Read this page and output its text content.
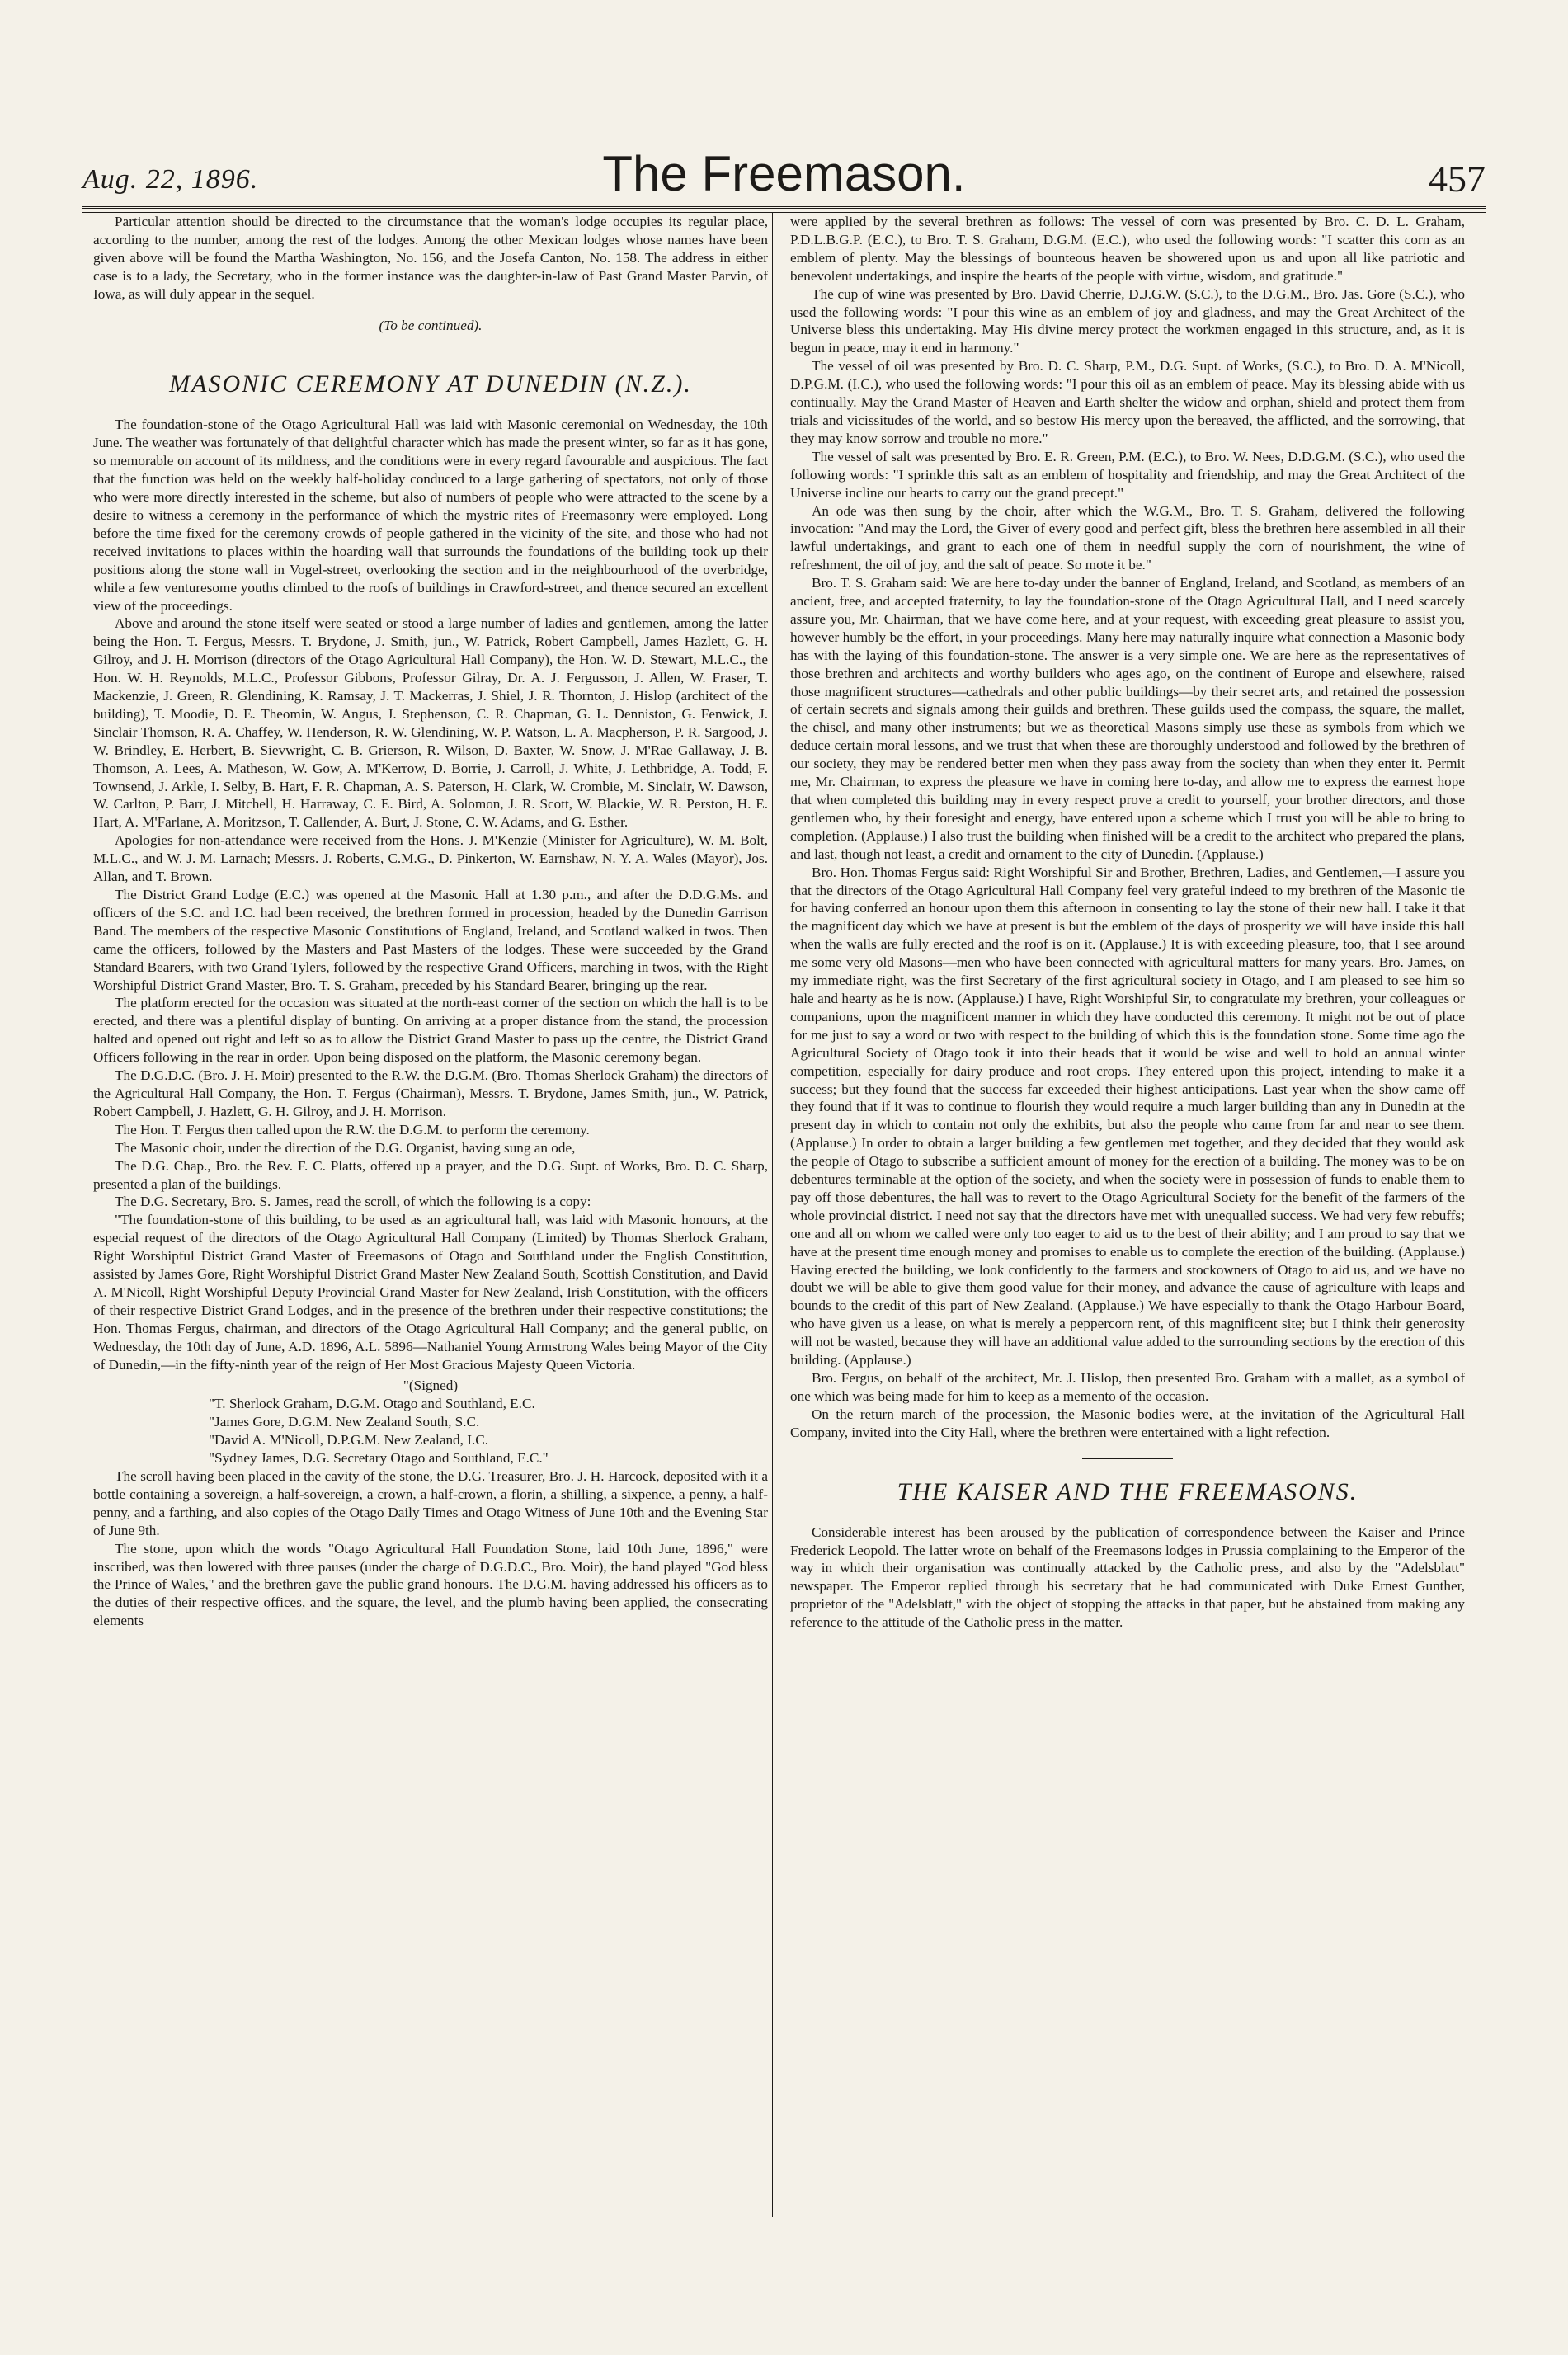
Aug. 22, 1896.	The Freemason.	457

Particular attention should be directed to the circumstance that the woman's lodge occupies its regular place, according to the number, among the rest of the lodges. Among the other Mexican lodges whose names have been given above will be found the Martha Washington, No. 156, and the Josefa Canton, No. 158. The address in either case is to a lady, the Secretary, who in the former instance was the daughter-in-law of Past Grand Master Parvin, of Iowa, as will duly appear in the sequel.

(To be continued).

MASONIC CEREMONY AT DUNEDIN (N.Z.).

The foundation-stone of the Otago Agricultural Hall was laid with Masonic ceremonial on Wednesday, the 10th June. The weather was fortunately of that delightful character which has made the present winter, so far as it has gone, so memorable on account of its mildness, and the conditions were in every regard favourable and auspicious. The fact that the function was held on the weekly half-holiday conduced to a large gathering of spectators, not only of those who were more directly interested in the scheme, but also of numbers of people who were attracted to the scene by a desire to witness a ceremony in the performance of which the mystric rites of Freemasonry were employed. Long before the time fixed for the ceremony crowds of people gathered in the vicinity of the site, and those who had not received invitations to places within the hoarding wall that surrounds the foundations of the building took up their positions along the stone wall in Vogel-street, overlooking the section and in the neighbourhood of the overbridge, while a few venturesome youths climbed to the roofs of buildings in Crawford-street, and thence secured an excellent view of the proceedings.

Above and around the stone itself were seated or stood a large number of ladies and gentlemen, among the latter being the Hon. T. Fergus, Messrs. T. Brydone, J. Smith, jun., W. Patrick, Robert Campbell, James Hazlett, G. H. Gilroy, and J. H. Morrison (directors of the Otago Agricultural Hall Company), the Hon. W. D. Stewart, M.L.C., the Hon. W. H. Reynolds, M.L.C., Professor Gibbons, Professor Gilray, Dr. A. J. Fergusson, J. Allen, W. Fraser, T. Mackenzie, J. Green, R. Glendining, K. Ramsay, J. T. Mackerras, J. Shiel, J. R. Thornton, J. Hislop (architect of the building), T. Moodie, D. E. Theomin, W. Angus, J. Stephenson, C. R. Chapman, G. L. Denniston, G. Fenwick, J. Sinclair Thomson, R. A. Chaffey, W. Henderson, R. W. Glendining, W. P. Watson, L. A. Macpherson, P. R. Sargood, J. W. Brindley, E. Herbert, B. Sievwright, C. B. Grierson, R. Wilson, D. Baxter, W. Snow, J. M'Rae Gallaway, J. B. Thomson, A. Lees, A. Matheson, W. Gow, A. M'Kerrow, D. Borrie, J. Carroll, J. White, J. Lethbridge, A. Todd, F. Townsend, J. Arkle, I. Selby, B. Hart, F. R. Chapman, A. S. Paterson, H. Clark, W. Crombie, M. Sinclair, W. Dawson, W. Carlton, P. Barr, J. Mitchell, H. Harraway, C. E. Bird, A. Solomon, J. R. Scott, W. Blackie, W. R. Perston, H. E. Hart, A. M'Farlane, A. Moritzson, T. Callender, A. Burt, J. Stone, C. W. Adams, and G. Esther.

Apologies for non-attendance were received from the Hons. J. M'Kenzie (Minister for Agriculture), W. M. Bolt, M.L.C., and W. J. M. Larnach; Messrs. J. Roberts, C.M.G., D. Pinkerton, W. Earnshaw, N. Y. A. Wales (Mayor), Jos. Allan, and T. Brown.

The District Grand Lodge (E.C.) was opened at the Masonic Hall at 1.30 p.m., and after the D.D.G.Ms. and officers of the S.C. and I.C. had been received, the brethren formed in procession, headed by the Dunedin Garrison Band. The members of the respective Masonic Constitutions of England, Ireland, and Scotland walked in twos. Then came the officers, followed by the Masters and Past Masters of the lodges. These were succeeded by the Grand Standard Bearers, with two Grand Tylers, followed by the respective Grand Officers, marching in twos, with the Right Worshipful District Grand Master, Bro. T. S. Graham, preceded by his Standard Bearer, bringing up the rear.

The platform erected for the occasion was situated at the north-east corner of the section on which the hall is to be erected, and there was a plentiful display of bunting. On arriving at a proper distance from the stand, the procession halted and opened out right and left so as to allow the District Grand Master to pass up the centre, the District Grand Officers following in the rear in order. Upon being disposed on the platform, the Masonic ceremony began.

The D.G.D.C. (Bro. J. H. Moir) presented to the R.W. the D.G.M. (Bro. Thomas Sherlock Graham) the directors of the Agricultural Hall Company, the Hon. T. Fergus (Chairman), Messrs. T. Brydone, James Smith, jun., W. Patrick, Robert Campbell, J. Hazlett, G. H. Gilroy, and J. H. Morrison.

The Hon. T. Fergus then called upon the R.W. the D.G.M. to perform the ceremony.

The Masonic choir, under the direction of the D.G. Organist, having sung an ode,

The D.G. Chap., Bro. the Rev. F. C. Platts, offered up a prayer, and the D.G. Supt. of Works, Bro. D. C. Sharp, presented a plan of the buildings.

The D.G. Secretary, Bro. S. James, read the scroll, of which the following is a copy:

"The foundation-stone of this building, to be used as an agricultural hall, was laid with Masonic honours, at the especial request of the directors of the Otago Agricultural Hall Company (Limited) by Thomas Sherlock Graham, Right Worshipful District Grand Master of Freemasons of Otago and Southland under the English Constitution, assisted by James Gore, Right Worshipful District Grand Master New Zealand South, Scottish Constitution, and David A. M'Nicoll, Right Worshipful Deputy Provincial Grand Master for New Zealand, Irish Constitution, with the officers of their respective District Grand Lodges, and in the presence of the brethren under their respective constitutions; the Hon. Thomas Fergus, chairman, and directors of the Otago Agricultural Hall Company; and the general public, on Wednesday, the 10th day of June, A.D. 1896, A.L. 5896—Nathaniel Young Armstrong Wales being Mayor of the City of Dunedin,—in the fifty-ninth year of the reign of Her Most Gracious Majesty Queen Victoria.

"(Signed)

"T. Sherlock Graham, D.G.M. Otago and Southland, E.C.

"James Gore, D.G.M. New Zealand South, S.C.

"David A. M'Nicoll, D.P.G.M. New Zealand, I.C.

"Sydney James, D.G. Secretary Otago and Southland, E.C."

The scroll having been placed in the cavity of the stone, the D.G. Treasurer, Bro. J. H. Harcock, deposited with it a bottle containing a sovereign, a half-sovereign, a crown, a half-crown, a florin, a shilling, a sixpence, a penny, a half-penny, and a farthing, and also copies of the Otago Daily Times and Otago Witness of June 10th and the Evening Star of June 9th.

The stone, upon which the words "Otago Agricultural Hall Foundation Stone, laid 10th June, 1896," were inscribed, was then lowered with three pauses (under the charge of D.G.D.C., Bro. Moir), the band played "God bless the Prince of Wales," and the brethren gave the public grand honours. The D.G.M. having addressed his officers as to the duties of their respective offices, and the square, the level, and the plumb having been applied, the consecrating elements

were applied by the several brethren as follows: The vessel of corn was presented by Bro. C. D. L. Graham, P.D.L.B.G.P. (E.C.), to Bro. T. S. Graham, D.G.M. (E.C.), who used the following words: "I scatter this corn as an emblem of plenty. May the blessings of bounteous heaven be showered upon us and upon all like patriotic and benevolent undertakings, and inspire the hearts of the people with virtue, wisdom, and gratitude."

The cup of wine was presented by Bro. David Cherrie, D.J.G.W. (S.C.), to the D.G.M., Bro. Jas. Gore (S.C.), who used the following words: "I pour this wine as an emblem of joy and gladness, and may the Great Architect of the Universe bless this undertaking. May His divine mercy protect the workmen engaged in this structure, and, as it is begun in peace, may it end in harmony."

The vessel of oil was presented by Bro. D. C. Sharp, P.M., D.G. Supt. of Works, (S.C.), to Bro. D. A. M'Nicoll, D.P.G.M. (I.C.), who used the following words: "I pour this oil as an emblem of peace. May its blessing abide with us continually. May the Grand Master of Heaven and Earth shelter the widow and orphan, shield and protect them from trials and vicissitudes of the world, and so bestow His mercy upon the bereaved, the afflicted, and the sorrowing, that they may know sorrow and trouble no more."

The vessel of salt was presented by Bro. E. R. Green, P.M. (E.C.), to Bro. W. Nees, D.D.G.M. (S.C.), who used the following words: "I sprinkle this salt as an emblem of hospitality and friendship, and may the Great Architect of the Universe incline our hearts to carry out the grand precept."

An ode was then sung by the choir, after which the W.G.M., Bro. T. S. Graham, delivered the following invocation: "And may the Lord, the Giver of every good and perfect gift, bless the brethren here assembled in all their lawful undertakings, and grant to each one of them in needful supply the corn of nourishment, the wine of refreshment, the oil of joy, and the salt of peace. So mote it be."

Bro. T. S. Graham said: We are here to-day under the banner of England, Ireland, and Scotland, as members of an ancient, free, and accepted fraternity, to lay the foundation-stone of the Otago Agricultural Hall, and I need scarcely assure you, Mr. Chairman, that we have come here, and at your request, with exceeding great pleasure to assist you, however humbly be the effort, in your proceedings. Many here may naturally inquire what connection a Masonic body has with the laying of this foundation-stone. The answer is a very simple one. We are here as the representatives of those brethren and architects and worthy builders who ages ago, on the continent of Europe and elsewhere, raised those magnificent structures—cathedrals and other public buildings—by their secret arts, and retained the possession of certain secrets and signals among their guilds and brethren. These guilds used the compass, the square, the mallet, the chisel, and many other instruments; but we as theoretical Masons simply use these as symbols from which we deduce certain moral lessons, and we trust that when these are thoroughly understood and followed by the brethren of our society, they may be rendered better men when they pass away from the society than when they enter it. Permit me, Mr. Chairman, to express the pleasure we have in coming here to-day, and allow me to express the earnest hope that when completed this building may in every respect prove a credit to yourself, your brother directors, and those gentlemen who, by their foresight and energy, have entered upon a scheme which I trust you will be able to bring to completion. (Applause.) I also trust the building when finished will be a credit to the architect who prepared the plans, and last, though not least, a credit and ornament to the city of Dunedin. (Applause.)

Bro. Hon. Thomas Fergus said: Right Worshipful Sir and Brother, Brethren, Ladies, and Gentlemen,—I assure you that the directors of the Otago Agricultural Hall Company feel very grateful indeed to my brethren of the Masonic tie for having conferred an honour upon them this afternoon in consenting to lay the stone of their new hall. I take it that the magnificent day which we have at present is but the emblem of the days of prosperity we will have inside this hall when the walls are fully erected and the roof is on it. (Applause.) It is with exceeding pleasure, too, that I see around me some very old Masons—men who have been connected with agricultural matters for many years. Bro. James, on my immediate right, was the first Secretary of the first agricultural society in Otago, and I am pleased to see him so hale and hearty as he is now. (Applause.) I have, Right Worshipful Sir, to congratulate my brethren, your colleagues or companions, upon the magnificent manner in which they have conducted this ceremony. It might not be out of place for me just to say a word or two with respect to the building of which this is the foundation stone. Some time ago the Agricultural Society of Otago took it into their heads that it would be wise and well to hold an annual winter competition, especially for dairy produce and root crops. They entered upon this project, intending to make it a success; but they found that the success far exceeded their highest anticipations. Last year when the show came off they found that if it was to continue to flourish they would require a much larger building than any in Dunedin at the present day in which to contain not only the exhibits, but also the people who came from far and near to see them. (Applause.) In order to obtain a larger building a few gentlemen met together, and they decided that they would ask the people of Otago to subscribe a sufficient amount of money for the erection of a building. The money was to be on debentures terminable at the option of the society, and when the society were in possession of funds to enable them to pay off those debentures, the hall was to revert to the Otago Agricultural Society for the benefit of the farmers of the whole provincial district. I need not say that the directors have met with unequalled success. We had very few rebuffs; one and all on whom we called were only too eager to aid us to the best of their ability; and I am proud to say that we have at the present time enough money and promises to enable us to complete the erection of the building. (Applause.) Having erected the building, we look confidently to the farmers and stockowners of Otago to aid us, and we have no doubt we will be able to give them good value for their money, and advance the cause of agriculture with leaps and bounds to the credit of this part of New Zealand. (Applause.) We have especially to thank the Otago Harbour Board, who have given us a lease, on what is merely a peppercorn rent, of this magnificent site; but I think their generosity will not be wasted, because they will have an additional value added to the surrounding sections by the erection of this building. (Applause.)

Bro. Fergus, on behalf of the architect, Mr. J. Hislop, then presented Bro. Graham with a mallet, as a symbol of one which was being made for him to keep as a memento of the occasion.

On the return march of the procession, the Masonic bodies were, at the invitation of the Agricultural Hall Company, invited into the City Hall, where the brethren were entertained with a light refection.

THE KAISER AND THE FREEMASONS.

Considerable interest has been aroused by the publication of correspondence between the Kaiser and Prince Frederick Leopold. The latter wrote on behalf of the Freemasons lodges in Prussia complaining to the Emperor of the way in which their organisation was continually attacked by the Catholic press, and also by the "Adelsblatt" newspaper. The Emperor replied through his secretary that he had communicated with Duke Ernest Gunther, proprietor of the "Adelsblatt," with the object of stopping the attacks in that paper, but he abstained from making any reference to the attitude of the Catholic press in the matter.
